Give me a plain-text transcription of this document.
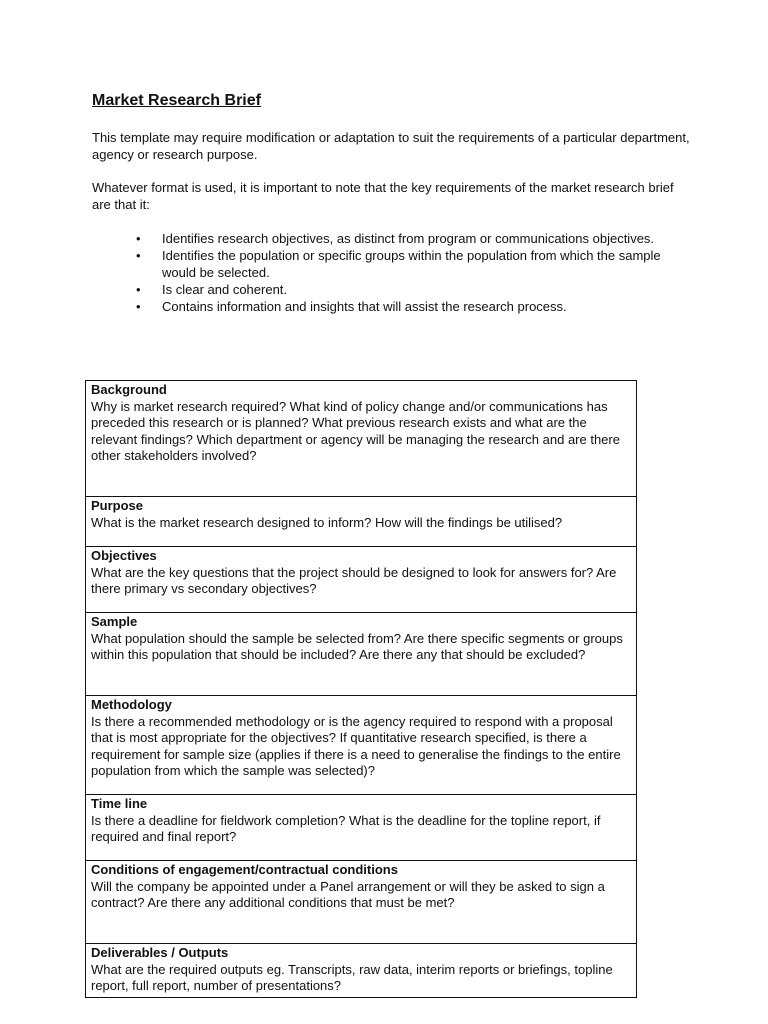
Market Research Brief

This template may require modification or adaptation to suit the requirements of a particular department, agency or research purpose.

Whatever format is used, it is important to note that the key requirements of the market research brief are that it:

• Identifies research objectives, as distinct from program or communications objectives.
• Identifies the population or specific groups within the population from which the sample would be selected.
• Is clear and coherent.
• Contains information and insights that will assist the research process.
Background
Why is market research required? What kind of policy change and/or communications has preceded this research or is planned? What previous research exists and what are the relevant findings? Which department or agency will be managing the research and are there other stakeholders involved?

Purpose
What is the market research designed to inform? How will the findings be utilised?

Objectives
What are the key questions that the project should be designed to look for answers for? Are there primary vs secondary objectives?

Sample
What population should the sample be selected from? Are there specific segments or groups within this population that should be included? Are there any that should be excluded?

Methodology
Is there a recommended methodology or is the agency required to respond with a proposal that is most appropriate for the objectives? If quantitative research specified, is there a requirement for sample size (applies if there is a need to generalise the findings to the entire population from which the sample was selected)?

Time line
Is there a deadline for fieldwork completion? What is the deadline for the topline report, if required and final report?

Conditions of engagement/contractual conditions
Will the company be appointed under a Panel arrangement or will they be asked to sign a contract? Are there any additional conditions that must be met?

Deliverables / Outputs
What are the required outputs eg. Transcripts, raw data, interim reports or briefings, topline report, full report, number of presentations?
